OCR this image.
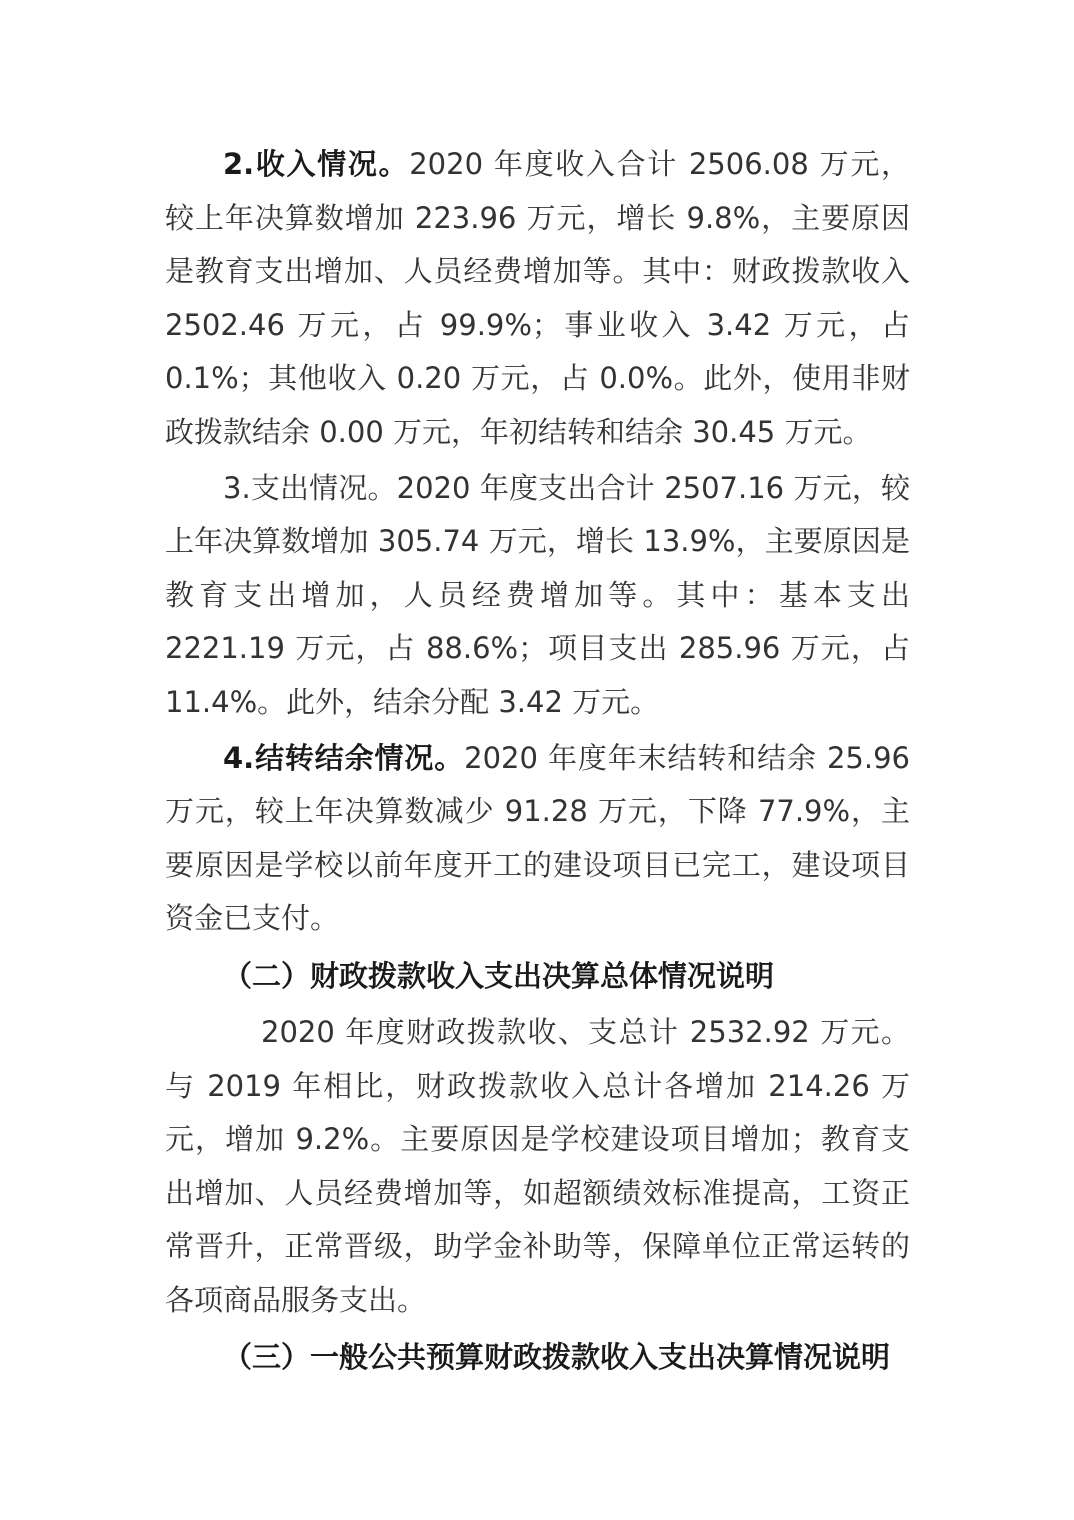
2.收入情况。2020 年度收入合计 2506.08 万元，较上年决算数增加 223.96 万元，增长 9.8%，主要原因是教育支出增加、人员经费增加等。其中：财政拨款收入 2502.46 万元，占 99.9%；事业收入 3.42 万元，占 0.1%；其他收入 0.20 万元，占 0.0%。此外，使用非财政拨款结余 0.00 万元，年初结转和结余 30.45 万元。

3.支出情况。2020 年度支出合计 2507.16 万元，较上年决算数增加 305.74 万元，增长 13.9%，主要原因是教育支出增加，人员经费增加等。其中：基本支出 2221.19 万元，占 88.6%；项目支出 285.96 万元，占 11.4%。此外，结余分配 3.42 万元。

4.结转结余情况。2020 年度年末结转和结余 25.96 万元，较上年决算数减少 91.28 万元，下降 77.9%，主要原因是学校以前年度开工的建设项目已完工，建设项目资金已支付。

（二）财政拨款收入支出决算总体情况说明

2020 年度财政拨款收、支总计 2532.92 万元。与 2019 年相比，财政拨款收入总计各增加 214.26 万元，增加 9.2%。主要原因是学校建设项目增加；教育支出增加、人员经费增加等，如超额绩效标准提高，工资正常晋升，正常晋级，助学金补助等，保障单位正常运转的各项商品服务支出。

（三）一般公共预算财政拨款收入支出决算情况说明
